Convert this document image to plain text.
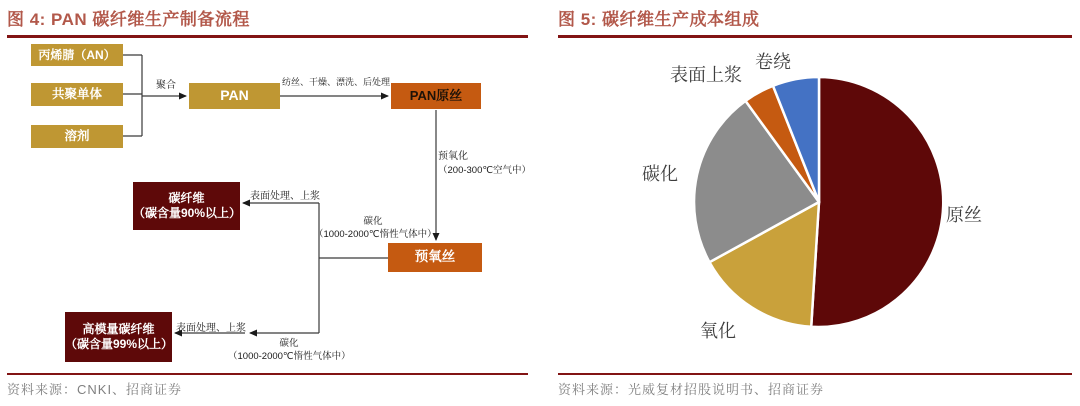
图 4: PAN 碳纤维生产制备流程
丙烯腈（AN）
共聚单体
溶剂
PAN	PAN原丝
碳纤维
（碳含量90%以上）
预氧丝
高模量碳纤维
（碳含量99%以上）
聚合	纺丝、干燥、漂洗、后处理
预氧化
（200-300℃空气中）
表面处理、上浆
碳化
（1000-2000℃惰性气体中）
表面处理、上浆
碳化
（1000-2000℃惰性气体中）
资料来源：CNKI、招商证券
图 5: 碳纤维生产成本组成
原丝
氧化
碳化
表面上浆
卷绕
资料来源：光威复材招股说明书、招商证券
